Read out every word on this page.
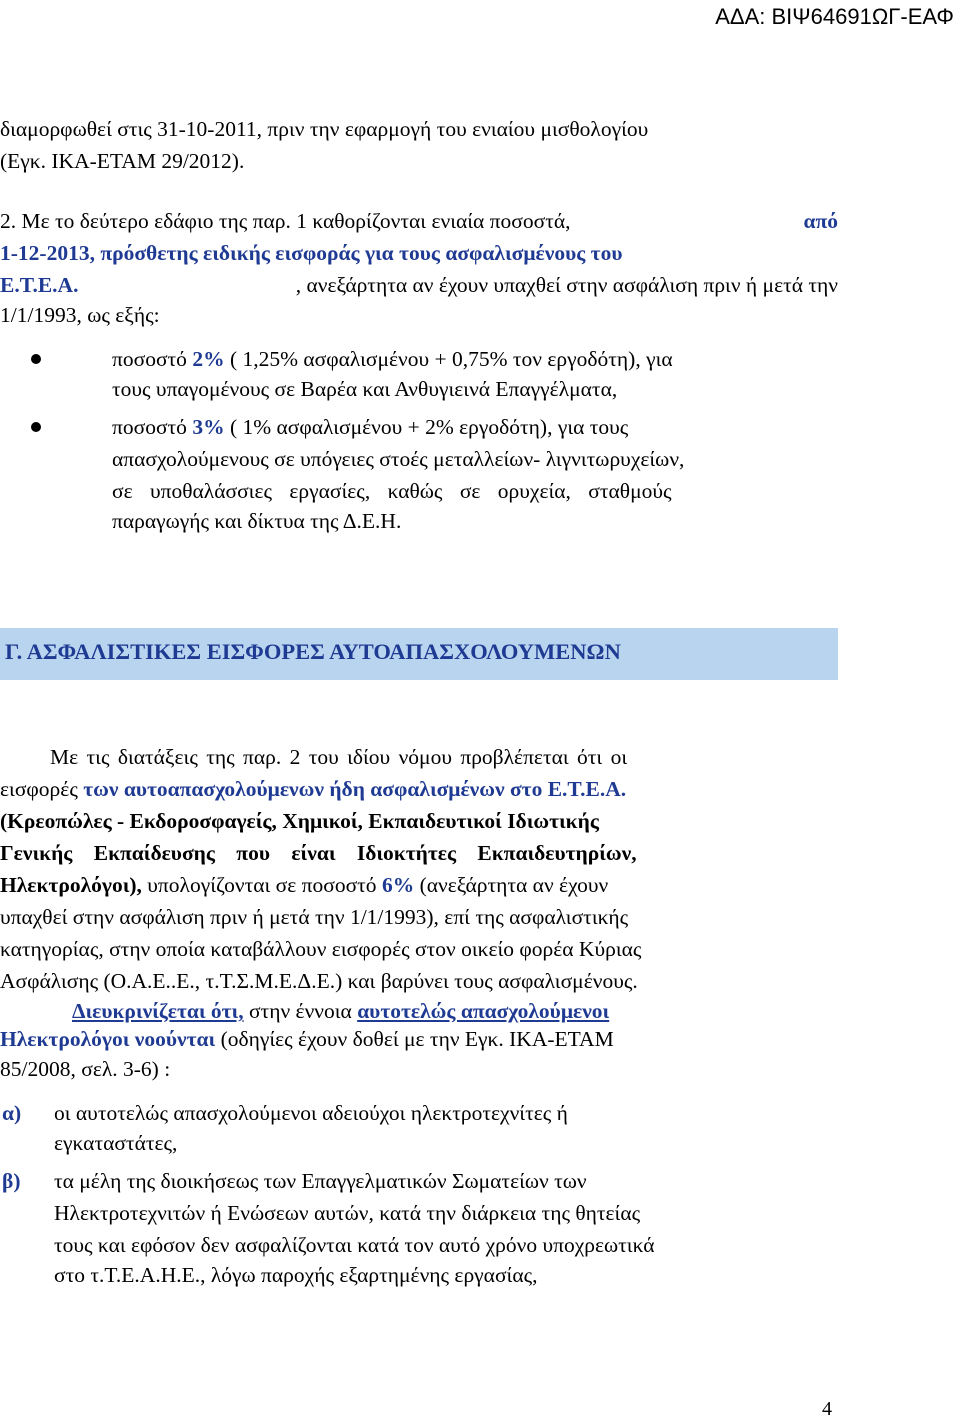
ΑΔΑ: ΒΙΨ64691ΩΓ-ΕΑΦ
διαμορφωθεί στις 31-10-2011, πριν την εφαρμογή του ενιαίου μισθολογίου
(Εγκ. ΙΚΑ-ΕΤΑΜ 29/2012).
2. Με το δεύτερο εδάφιο της παρ. 1 καθορίζονται ενιαία ποσοστά,	από
1-12-2013, πρόσθετης ειδικής εισφοράς για τους ασφαλισμένους του
Ε.Τ.Ε.Α.	, ανεξάρτητα αν έχουν υπαχθεί στην ασφάλιση πριν ή μετά την
1/1/1993, ως εξής:
ποσοστό 2% ( 1,25% ασφαλισμένου + 0,75% τον εργοδότη), για
τους υπαγομένους σε Βαρέα και Ανθυγιεινά Επαγγέλματα,
ποσοστό 3% ( 1% ασφαλισμένου + 2% εργοδότη), για τους
απασχολούμενους σε υπόγειες στοές μεταλλείων- λιγνιτωρυχείων,
σε υποθαλάσσιες εργασίες, καθώς σε ορυχεία, σταθμούς
παραγωγής και δίκτυα της Δ.Ε.Η.
Γ. ΑΣΦΑΛΙΣΤΙΚΕΣ ΕΙΣΦΟΡΕΣ ΑΥΤΟΑΠΑΣΧΟΛΟΥΜΕΝΩΝ
Με τις διατάξεις της παρ. 2 του ιδίου νόμου προβλέπεται ότι οι
εισφορές των αυτοαπασχολούμενων ήδη ασφαλισμένων στο Ε.Τ.Ε.Α.
(Κρεοπώλες - Εκδοροσφαγείς, Χημικοί, Εκπαιδευτικοί Ιδιωτικής
Γενικής Εκπαίδευσης που είναι Ιδιοκτήτες Εκπαιδευτηρίων,
Ηλεκτρολόγοι), υπολογίζονται σε ποσοστό 6% (ανεξάρτητα αν έχουν
υπαχθεί στην ασφάλιση πριν ή μετά την 1/1/1993), επί της ασφαλιστικής
κατηγορίας, στην οποία καταβάλλουν εισφορές στον οικείο φορέα Κύριας
Ασφάλισης (Ο.Α.Ε..Ε., τ.Τ.Σ.Μ.Ε.Δ.Ε.) και βαρύνει τους ασφαλισμένους.
Διευκρινίζεται ότι, στην έννοια αυτοτελώς απασχολούμενοι
Ηλεκτρολόγοι νοούνται (οδηγίες έχουν δοθεί με την Εγκ. ΙΚΑ-ΕΤΑΜ
85/2008, σελ. 3-6) :
α) οι αυτοτελώς απασχολούμενοι αδειούχοι ηλεκτροτεχνίτες ή
εγκαταστάτες,
β) τα μέλη της διοικήσεως των Επαγγελματικών Σωματείων των
Ηλεκτροτεχνιτών ή Ενώσεων αυτών, κατά την διάρκεια της θητείας
τους και εφόσον δεν ασφαλίζονται κατά τον αυτό χρόνο υποχρεωτικά
στο τ.Τ.Ε.Α.Η.Ε., λόγω παροχής εξαρτημένης εργασίας,
4
